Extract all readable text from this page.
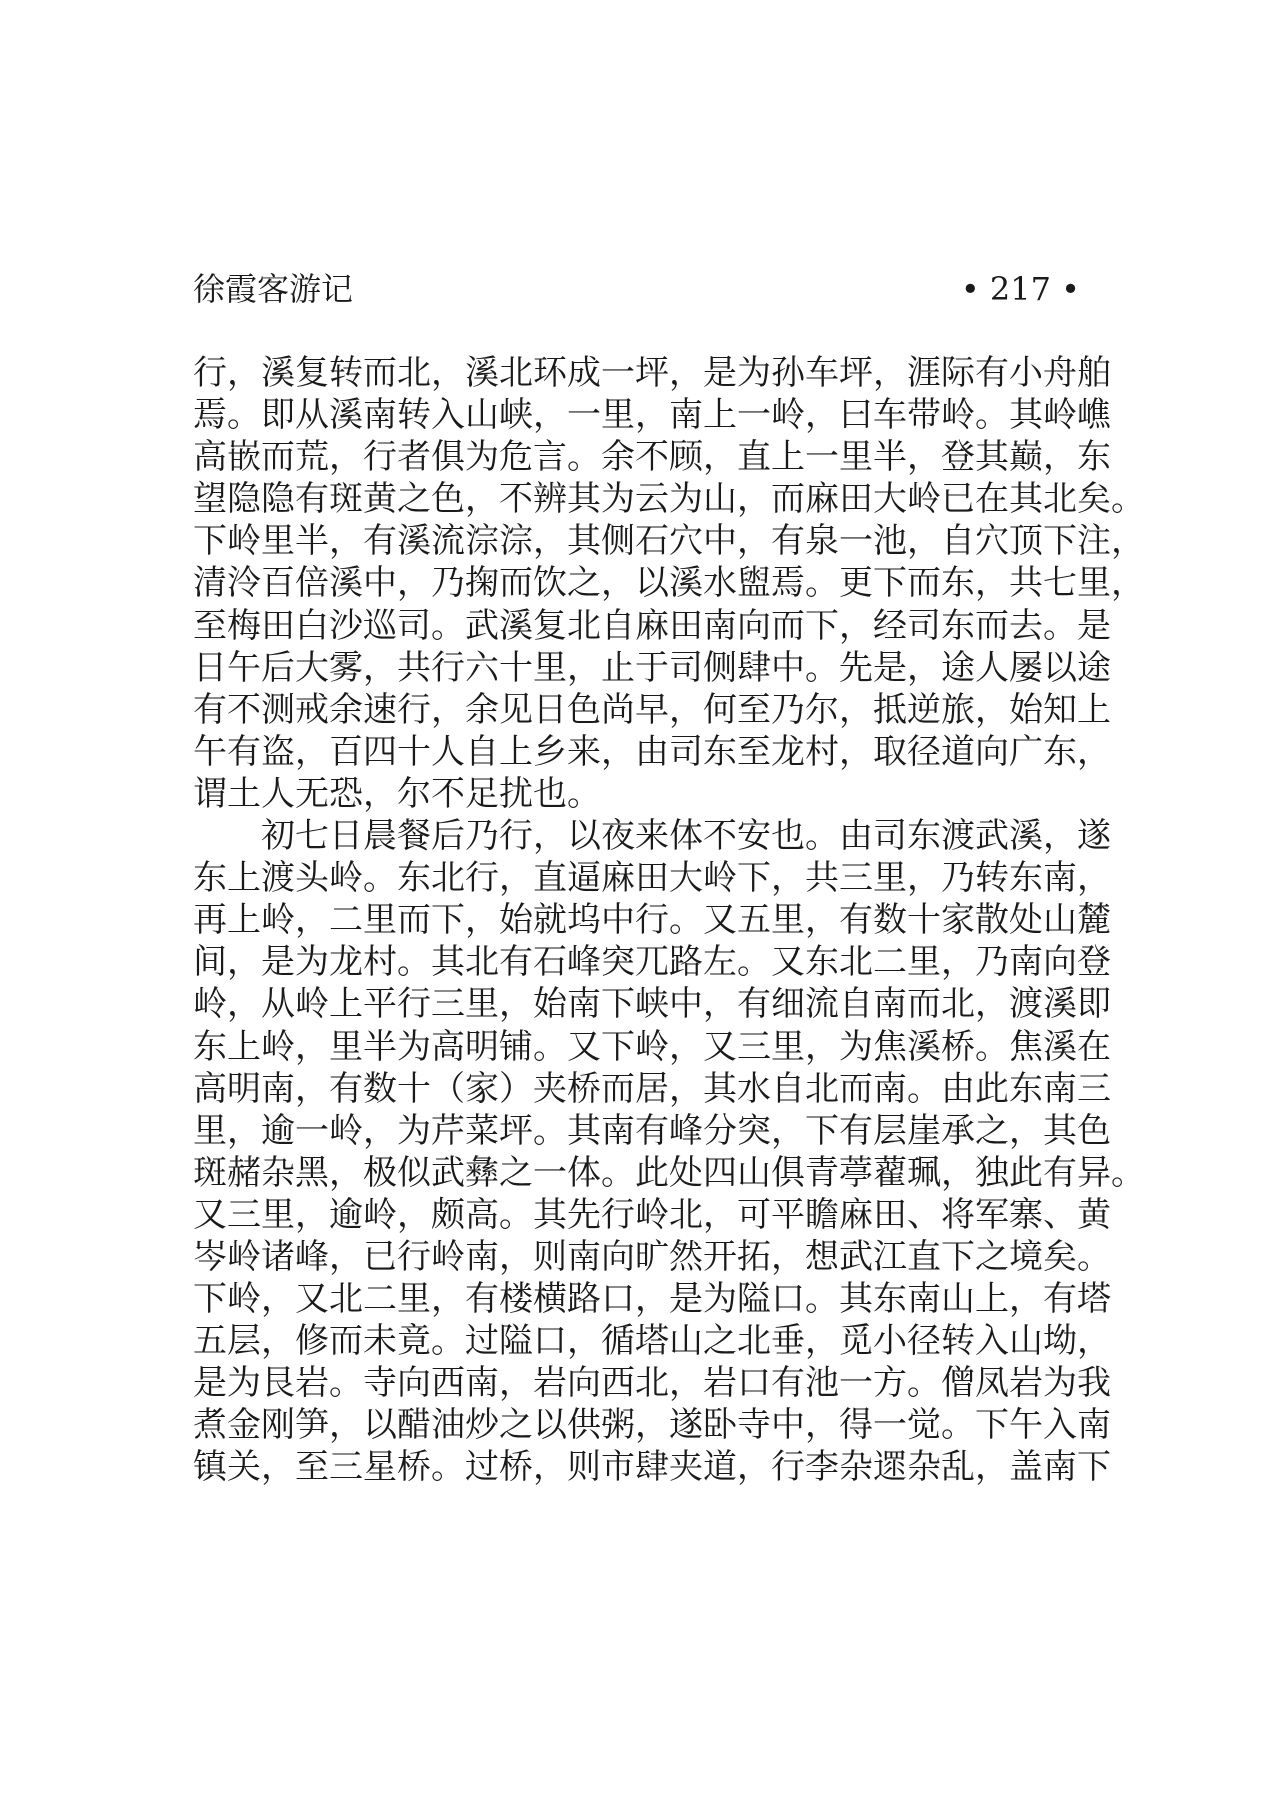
徐霞客游记	• 217 •
行，溪复转而北，溪北环成一坪，是为孙车坪，涯际有小舟舶
焉。即从溪南转入山峡，一里，南上一岭，曰车带岭。其岭嶕
高嵌而荒，行者俱为危言。余不顾，直上一里半，登其巅，东
望隐隐有斑黄之色，不辨其为云为山，而麻田大岭已在其北矣。
下岭里半，有溪流淙淙，其侧石穴中，有泉一池，自穴顶下注，
清泠百倍溪中，乃掬而饮之，以溪水盥焉。更下而东，共七里，
至梅田白沙巡司。武溪复北自麻田南向而下，经司东而去。是
日午后大雾，共行六十里，止于司侧肆中。先是，途人屡以途
有不测戒余速行，余见日色尚早，何至乃尔，抵逆旅，始知上
午有盗，百四十人自上乡来，由司东至龙村，取径道向广东，
谓土人无恐，尔不足扰也。
初七日晨餐后乃行，以夜来体不安也。由司东渡武溪，遂
东上渡头岭。东北行，直逼麻田大岭下，共三里，乃转东南，
再上岭，二里而下，始就坞中行。又五里，有数十家散处山麓
间，是为龙村。其北有石峰突兀路左。又东北二里，乃南向登
岭，从岭上平行三里，始南下峡中，有细流自南而北，渡溪即
东上岭，里半为高明铺。又下岭，又三里，为焦溪桥。焦溪在
高明南，有数十（家）夹桥而居，其水自北而南。由此东南三
里，逾一岭，为芹菜坪。其南有峰分突，下有层崖承之，其色
斑赭杂黑，极似武彝之一体。此处四山俱青葶藋珮，独此有异。
又三里，逾岭，颇高。其先行岭北，可平瞻麻田、将军寨、黄
岑岭诸峰，已行岭南，则南向旷然开拓，想武江直下之境矣。
下岭，又北二里，有楼横路口，是为隘口。其东南山上，有塔
五层，修而未竟。过隘口，循塔山之北垂，觅小径转入山坳，
是为艮岩。寺向西南，岩向西北，岩口有池一方。僧凤岩为我
煮金刚笋，以醋油炒之以供粥，遂卧寺中，得一觉。下午入南
镇关，至三星桥。过桥，则市肆夹道，行李杂遝杂乱，盖南下
